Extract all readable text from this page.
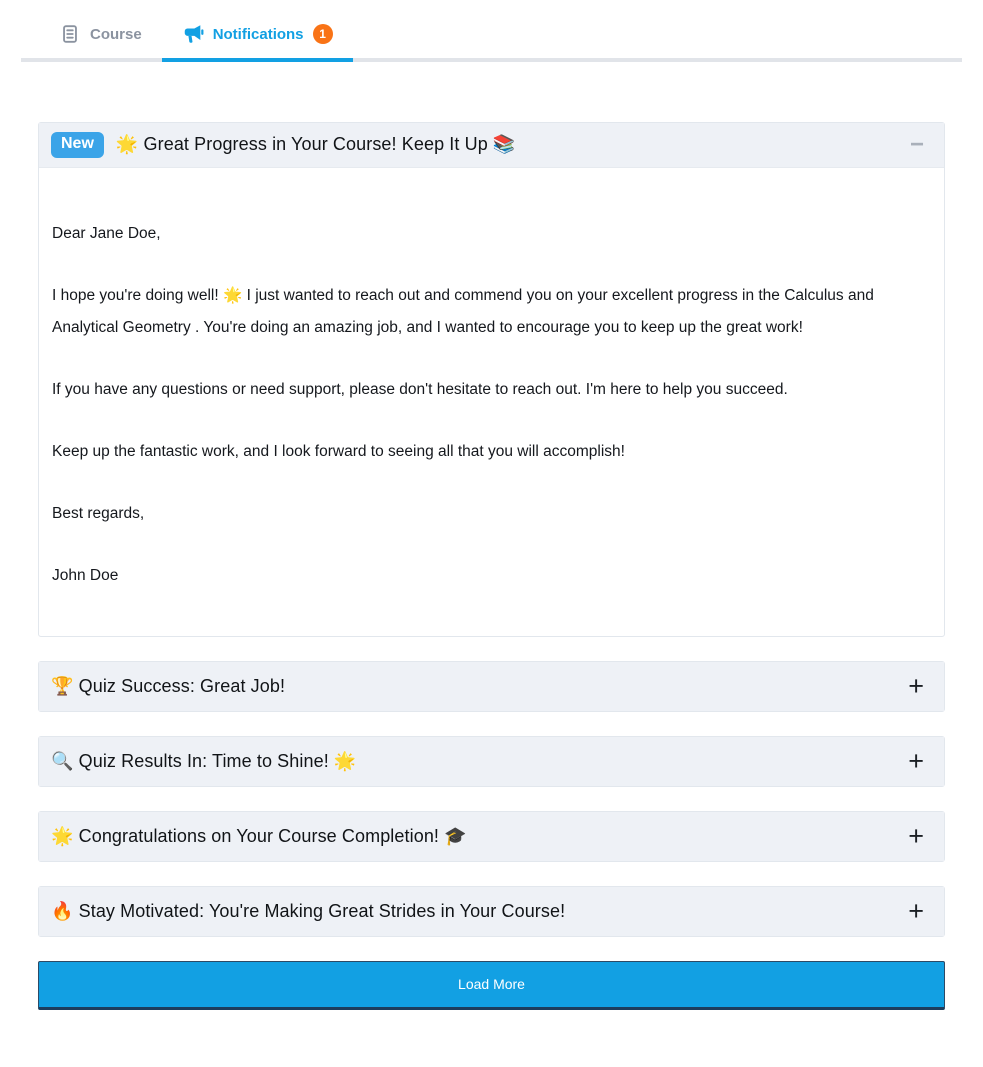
Course	Notifications	1
New	🌟 Great Progress in Your Course! Keep It Up 📚	−

Dear Jane Doe,

I hope you're doing well! 🌟 I just wanted to reach out and commend you on your excellent progress in the Calculus and Analytical Geometry . You're doing an amazing job, and I wanted to encourage you to keep up the great work!

If you have any questions or need support, please don't hesitate to reach out. I'm here to help you succeed.

Keep up the fantastic work, and I look forward to seeing all that you will accomplish!

Best regards,

John Doe

🏆 Quiz Success: Great Job!	+
🔍 Quiz Results In: Time to Shine! 🌟	+
🌟 Congratulations on Your Course Completion! 🎓	+
🔥 Stay Motivated: You're Making Great Strides in Your Course!	+
Load More
